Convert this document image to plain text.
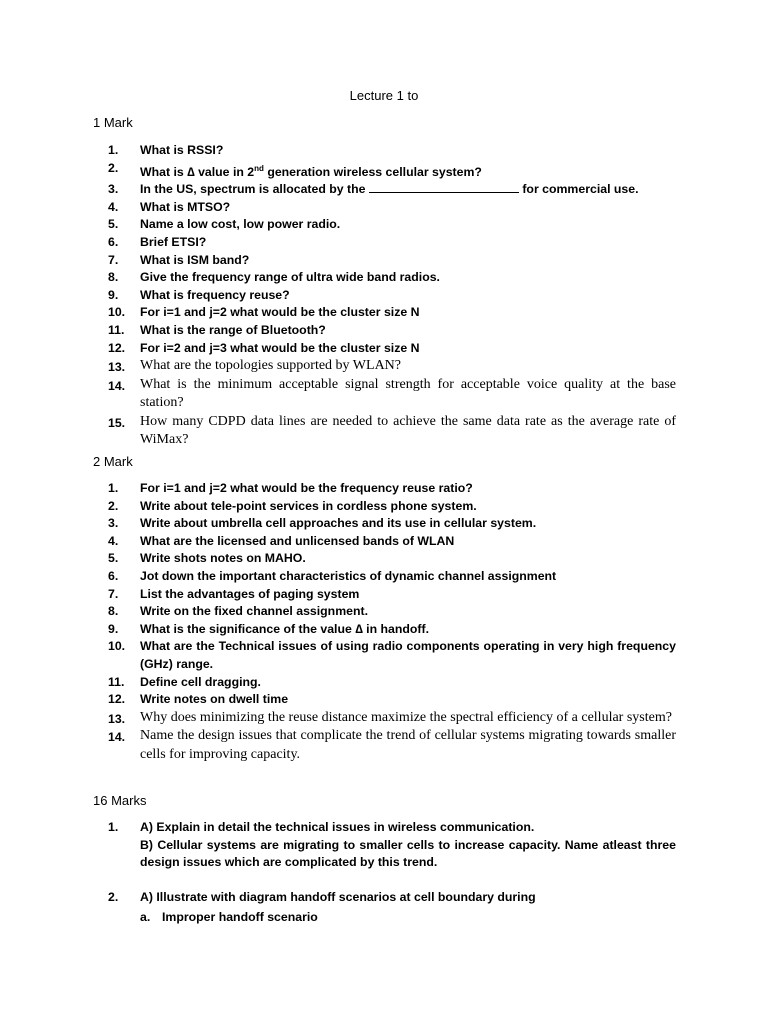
Lecture 1 to
1 Mark
1.	What is RSSI?
2.	What is ∆ value in 2nd generation wireless cellular system?
3.	In the US, spectrum is allocated by the	for commercial use.
4.	What is MTSO?
5.	Name a low cost, low power radio.
6.	Brief ETSI?
7.	What is ISM band?
8.	Give the frequency range of ultra wide band radios.
9.	What is frequency reuse?
10.	For i=1 and j=2 what would be the cluster size N
11.	What is the range of Bluetooth?
12.	For i=2 and j=3 what would be the cluster size N
13.	What are the topologies supported by WLAN?
14.	What is the minimum acceptable signal strength for acceptable voice quality at the base station?
15.	How many CDPD data lines are needed to achieve the same data rate as the average rate of WiMax?
2 Mark
1.	For i=1 and j=2 what would be the frequency reuse ratio?
2.	Write about tele-point services in cordless phone system.
3.	Write about umbrella cell approaches and its use in cellular system.
4.	What are the licensed and unlicensed bands of WLAN
5.	Write shots notes on MAHO.
6.	Jot down the important characteristics of dynamic channel assignment
7.	List the advantages of paging system
8.	Write on the fixed channel assignment.
9.	What is the significance of the value ∆ in handoff.
10.	What are the Technical issues of using radio components operating in very high frequency (GHz) range.
11.	Define cell dragging.
12.	Write notes on dwell time
13.	Why does minimizing the reuse distance maximize the spectral efficiency of a cellular system?
14.	Name the design issues that complicate the trend of cellular systems migrating towards smaller cells for improving capacity.
16 Marks
1. A) Explain in detail the technical issues in wireless communication.
B) Cellular systems are migrating to smaller cells to increase capacity. Name atleast three design issues which are complicated by this trend.
2. A) Illustrate with diagram handoff scenarios at cell boundary during
a. Improper handoff scenario
